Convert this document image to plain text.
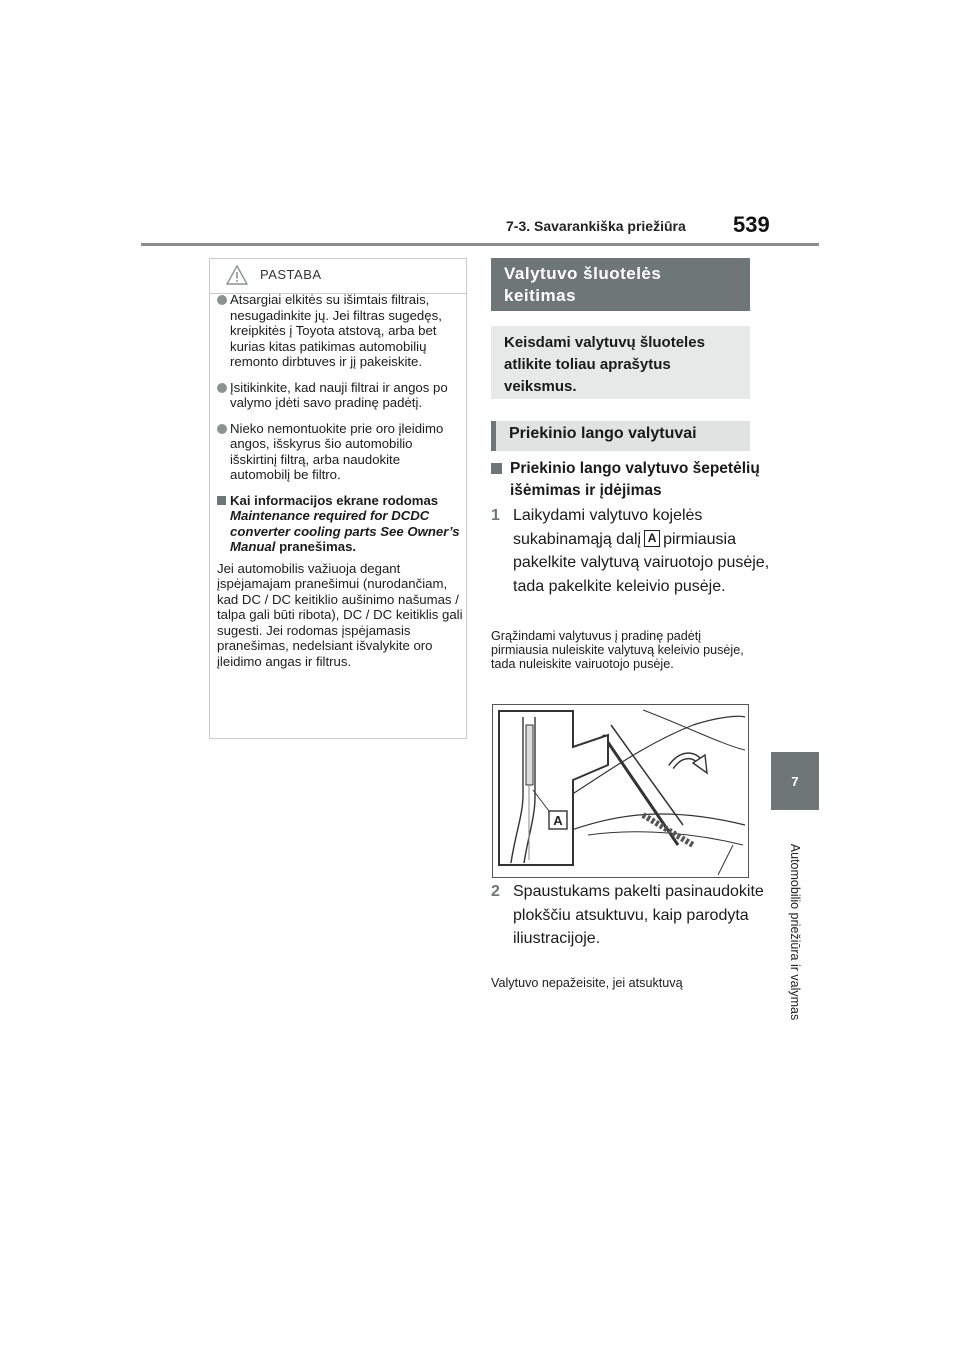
7-3. Savarankiška priežiūra 539
7
Automobilio priežiūra ir valymas
PASTABA
Atsargiai elkitės su išimtais filtrais, nesugadinkite jų. Jei filtras sugedęs, kreipkitės į Toyota atstovą, arba bet kurias kitas patikimas automobilių remonto dirbtuves ir jį pakeiskite.
Įsitikinkite, kad nauji filtrai ir angos po valymo įdėti savo pradinę padėtį.
Nieko nemontuokite prie oro įleidimo angos, išskyrus šio automobilio išskirtinį filtrą, arba naudokite automobilį be filtro.
Kai informacijos ekrane rodomas Maintenance required for DCDC converter cooling parts See Owner’s Manual pranešimas.
Jei automobilis važiuoja degant įspėjamajam pranešimui (nurodančiam, kad DC / DC keitiklio aušinimo našumas / talpa gali būti ribota), DC / DC keitiklis gali sugesti. Jei rodomas įspėjamasis pranešimas, nedelsiant išvalykite oro įleidimo angas ir filtrus.
Valytuvo šluotelės keitimas
Keisdami valytuvų šluoteles atlikite toliau aprašytus veiksmus.
Priekinio lango valytuvai
Priekinio lango valytuvo šepetėlių išėmimas ir įdėjimas
1 Laikydami valytuvo kojelės sukabinamąją dalį A pirmiausia pakelkite valytuvą vairuotojo pusėje, tada pakelkite keleivio pusėje.
Grąžindami valytuvus į pradinę padėtį pirmiausia nuleiskite valytuvą keleivio pusėje, tada nuleiskite vairuotojo pusėje.
A
2 Spaustukams pakelti pasinaudokite plokščiu atsuktuvu, kaip parodyta iliustracijoje.
Valytuvo nepažeisite, jei atsuktuvą
